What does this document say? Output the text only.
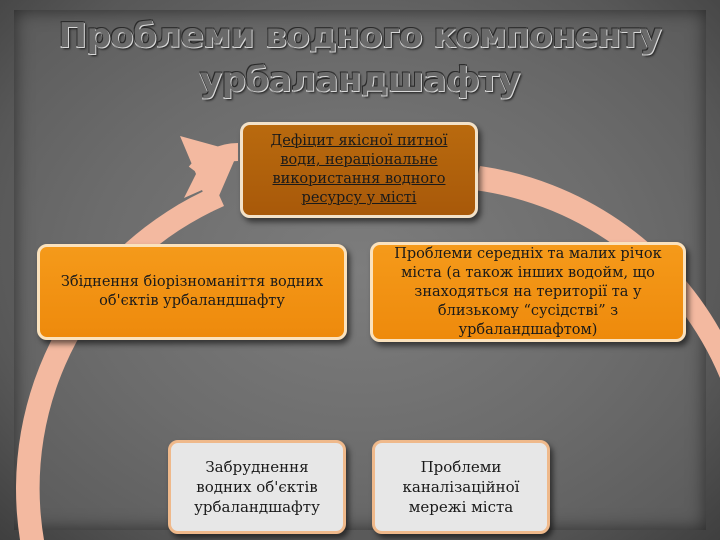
Проблеми водного компоненту
урбаландшафту
Дефіцит якісної питної води, нераціональне використання водного ресурсу у місті
Збіднення біорізноманіття водних об'єктів урбаландшафту
Проблеми середніх та малих річок міста (а також інших водойм, що знаходяться на території та у близькому “сусідстві” з урбаландшафтом)
Забруднення водних об'єктів урбаландшафту
Проблеми каналізаційної мережі міста
